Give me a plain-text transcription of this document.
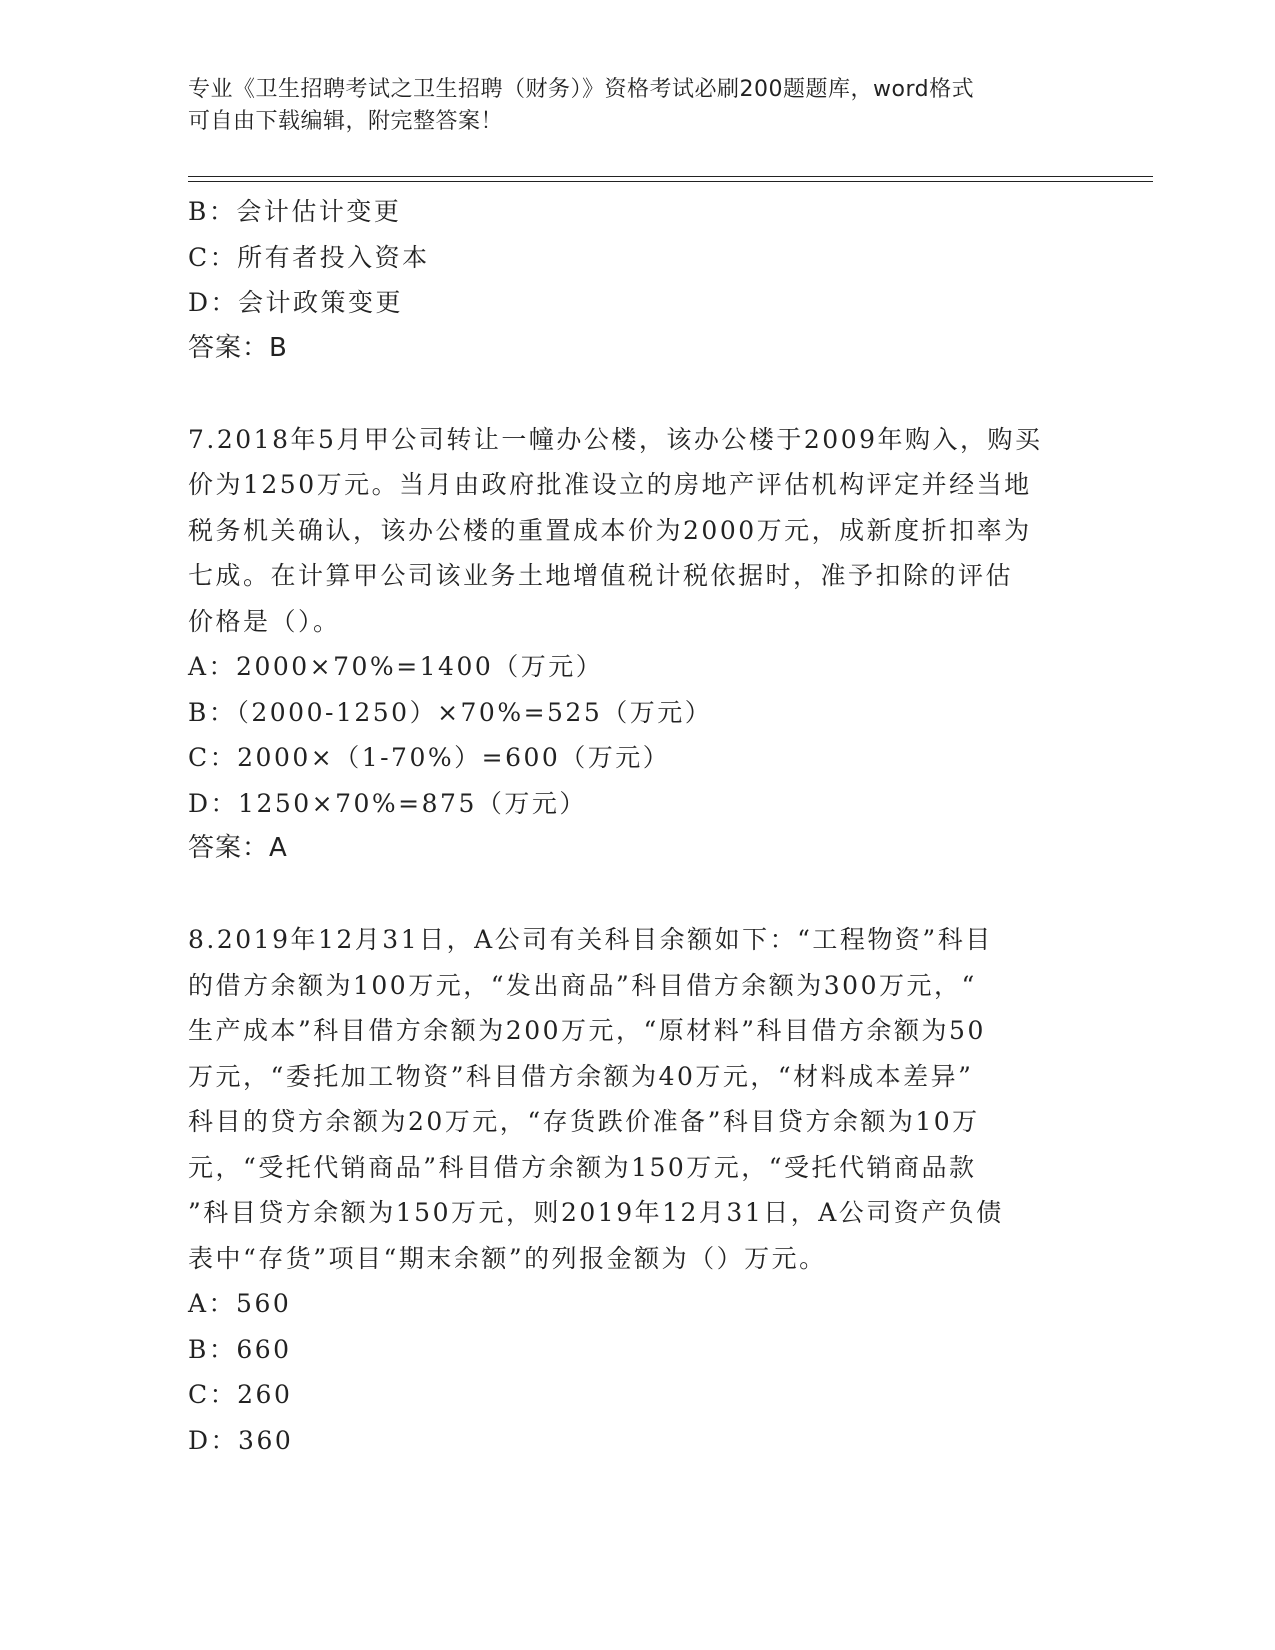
专业《卫生招聘考试之卫生招聘（财务）》资格考试必刷200题题库，word格式
可自由下载编辑，附完整答案！
B：会计估计变更
C：所有者投入资本
D：会计政策变更
答案：B
7.2018年5月甲公司转让一幢办公楼，该办公楼于2009年购入，购买
价为1250万元。当月由政府批准设立的房地产评估机构评定并经当地
税务机关确认，该办公楼的重置成本价为2000万元，成新度折扣率为
七成。在计算甲公司该业务土地增值税计税依据时，准予扣除的评估
价格是（）。
A：2000×70%=1400（万元）
B：（2000-1250）×70%=525（万元）
C：2000×（1-70%）=600（万元）
D：1250×70%=875（万元）
答案：A
8.2019年12月31日，A公司有关科目余额如下：“工程物资”科目
的借方余额为100万元，“发出商品”科目借方余额为300万元，“
生产成本”科目借方余额为200万元，“原材料”科目借方余额为50
万元，“委托加工物资”科目借方余额为40万元，“材料成本差异”
科目的贷方余额为20万元，“存货跌价准备”科目贷方余额为10万
元，“受托代销商品”科目借方余额为150万元，“受托代销商品款
”科目贷方余额为150万元，则2019年12月31日，A公司资产负债
表中“存货”项目“期末余额”的列报金额为（）万元。
A：560
B：660
C：260
D：360
